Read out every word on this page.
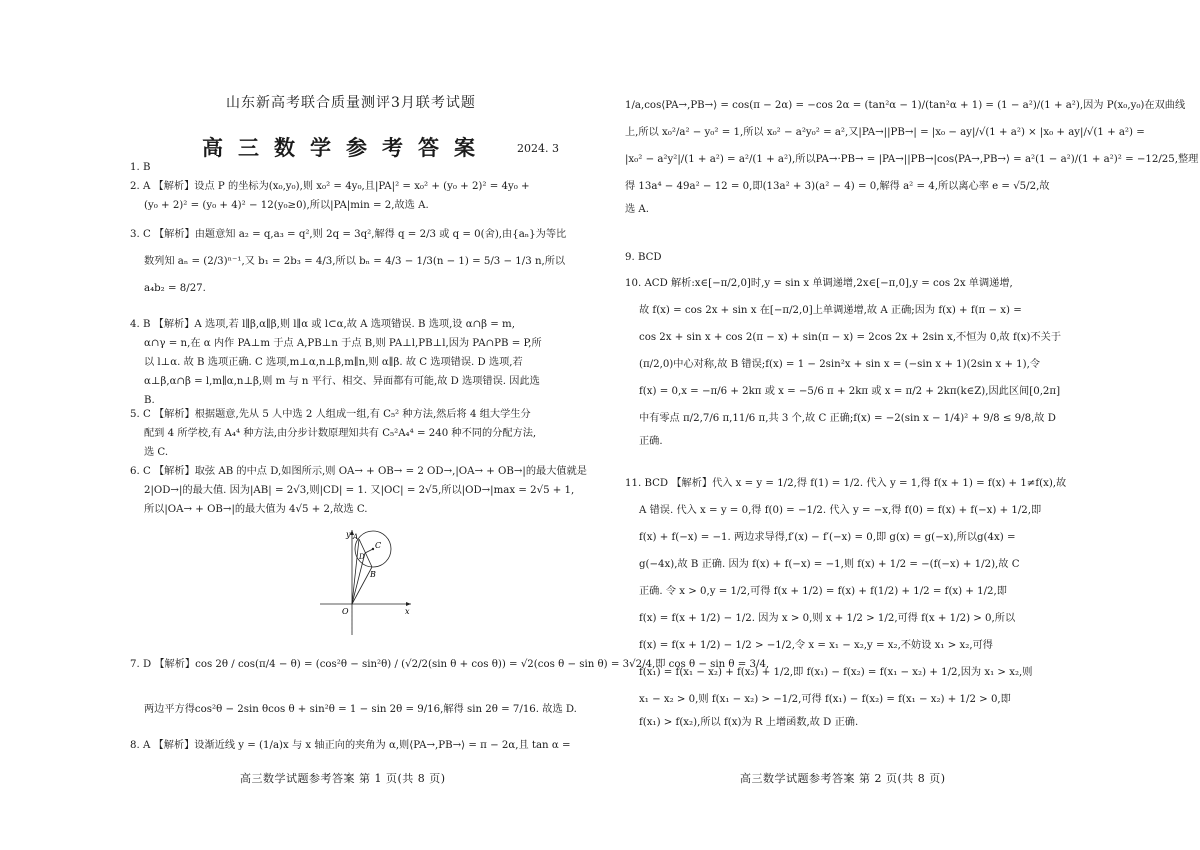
山东新高考联合质量测评3月联考试题
高三数学参考答案 2024. 3
1. B
2. A 【解析】设点 P 的坐标为(x₀,y₀),则 x₀² = 4y₀,且|PA|² = x₀² + (y₀ + 2)² = 4y₀ +
(y₀ + 2)² = (y₀ + 4)² − 12(y₀≥0),所以|PA|min = 2,故选 A.
3. C 【解析】由题意知 a₂ = q,a₃ = q²,则 2q = 3q²,解得 q = 2/3 或 q = 0(舍),由{aₙ}为等比
数列知 aₙ = (2/3)ⁿ⁻¹,又 b₁ = 2b₃ = 4/3,所以 bₙ = 4/3 − 1/3(n − 1) = 5/3 − 1/3 n,所以
a₄b₂ = 8/27.
4. B 【解析】A 选项,若 l∥β,α∥β,则 l∥α 或 l⊂α,故 A 选项错误. B 选项,设 α∩β = m,
α∩γ = n,在 α 内作 PA⊥m 于点 A,PB⊥n 于点 B,则 PA⊥l,PB⊥l,因为 PA∩PB = P,所
以 l⊥α. 故 B 选项正确. C 选项,m⊥α,n⊥β,m∥n,则 α∥β. 故 C 选项错误. D 选项,若
α⊥β,α∩β = l,m∥α,n⊥β,则 m 与 n 平行、相交、异面都有可能,故 D 选项错误. 因此选
B.
5. C 【解析】根据题意,先从 5 人中选 2 人组成一组,有 C₅² 种方法,然后将 4 组大学生分
配到 4 所学校,有 A₄⁴ 种方法,由分步计数原理知共有 C₅²A₄⁴ = 240 种不同的分配方法,
选 C.
6. C 【解析】取弦 AB 的中点 D,如图所示,则 OA→ + OB→ = 2 OD→,|OA→ + OB→|的最大值就是
2|OD→|的最大值. 因为|AB| = 2√3,则|CD| = 1. 又|OC| = 2√5,所以|OD→|max = 2√5 + 1,
所以|OA→ + OB→|的最大值为 4√5 + 2,故选 C.
7. D 【解析】cos 2θ / cos(π/4 − θ) = (cos²θ − sin²θ) / (√2/2(sin θ + cos θ)) = √2(cos θ − sin θ) = 3√2/4,即 cos θ − sin θ = 3/4,
两边平方得cos²θ − 2sin θcos θ + sin²θ = 1 − sin 2θ = 9/16,解得 sin 2θ = 7/16. 故选 D.
8. A 【解析】设渐近线 y = (1/a)x 与 x 轴正向的夹角为 α,则⟨PA→,PB→⟩ = π − 2α,且 tan α =
y
x
O
C
A
B
D
高三数学试题参考答案 第 1 页(共 8 页)
1/a,cos⟨PA→,PB→⟩ = cos(π − 2α) = −cos 2α = (tan²α − 1)/(tan²α + 1) = (1 − a²)/(1 + a²),因为 P(x₀,y₀)在双曲线
上,所以 x₀²/a² − y₀² = 1,所以 x₀² − a²y₀² = a²,又|PA→||PB→| = |x₀ − ay|/√(1 + a²) × |x₀ + ay|/√(1 + a²) =
|x₀² − a²y²|/(1 + a²) = a²/(1 + a²),所以PA→·PB→ = |PA→||PB→|cos⟨PA→,PB→⟩ = a²(1 − a²)/(1 + a²)² = −12/25,整理
得 13a⁴ − 49a² − 12 = 0,即(13a² + 3)(a² − 4) = 0,解得 a² = 4,所以离心率 e = √5/2,故
选 A.
9. BCD
10. ACD 解析:x∈[−π/2,0]时,y = sin x 单调递增,2x∈[−π,0],y = cos 2x 单调递增,
故 f(x) = cos 2x + sin x 在[−π/2,0]上单调递增,故 A 正确;因为 f(x) + f(π − x) =
cos 2x + sin x + cos 2(π − x) + sin(π − x) = 2cos 2x + 2sin x,不恒为 0,故 f(x)不关于
(π/2,0)中心对称,故 B 错误;f(x) = 1 − 2sin²x + sin x = (−sin x + 1)(2sin x + 1),令
f(x) = 0,x = −π/6 + 2kπ 或 x = −5/6 π + 2kπ 或 x = π/2 + 2kπ(k∈Z),因此区间[0,2π]
中有零点 π/2,7/6 π,11/6 π,共 3 个,故 C 正确;f(x) = −2(sin x − 1/4)² + 9/8 ≤ 9/8,故 D
正确.
11. BCD 【解析】代入 x = y = 1/2,得 f(1) = 1/2. 代入 y = 1,得 f(x + 1) = f(x) + 1≠f(x),故
A 错误. 代入 x = y = 0,得 f(0) = −1/2. 代入 y = −x,得 f(0) = f(x) + f(−x) + 1/2,即
f(x) + f(−x) = −1. 两边求导得,f′(x) − f′(−x) = 0,即 g(x) = g(−x),所以g(4x) =
g(−4x),故 B 正确. 因为 f(x) + f(−x) = −1,则 f(x) + 1/2 = −(f(−x) + 1/2),故 C
正确. 令 x > 0,y = 1/2,可得 f(x + 1/2) = f(x) + f(1/2) + 1/2 = f(x) + 1/2,即
f(x) = f(x + 1/2) − 1/2. 因为 x > 0,则 x + 1/2 > 1/2,可得 f(x + 1/2) > 0,所以
f(x) = f(x + 1/2) − 1/2 > −1/2,令 x = x₁ − x₂,y = x₂,不妨设 x₁ > x₂,可得
f(x₁) = f(x₁ − x₂) + f(x₂) + 1/2,即 f(x₁) − f(x₂) = f(x₁ − x₂) + 1/2,因为 x₁ > x₂,则
x₁ − x₂ > 0,则 f(x₁ − x₂) > −1/2,可得 f(x₁) − f(x₂) = f(x₁ − x₂) + 1/2 > 0,即
f(x₁) > f(x₂),所以 f(x)为 R 上增函数,故 D 正确.
高三数学试题参考答案 第 2 页(共 8 页)
